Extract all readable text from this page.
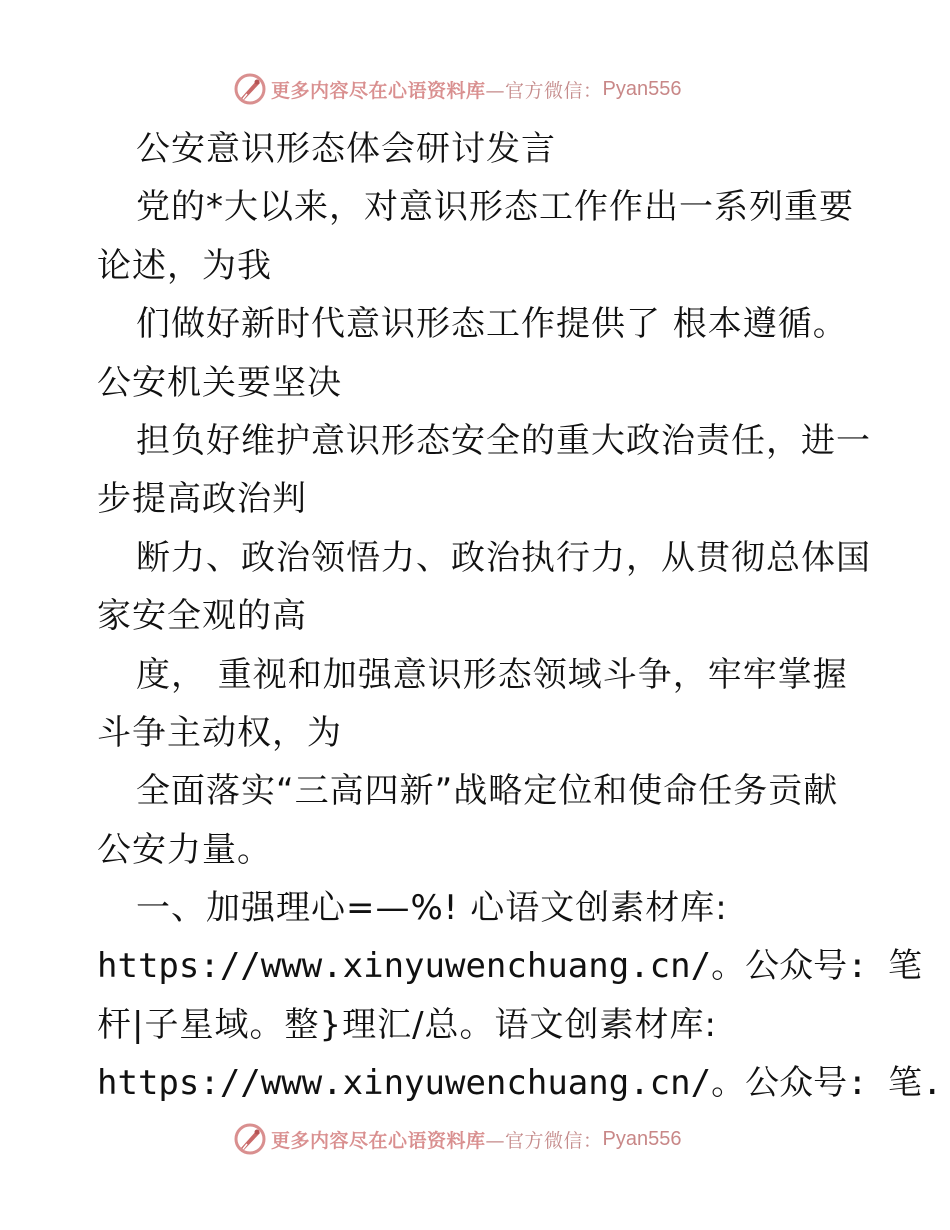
更多内容尽在心语资料库 —官方微信： Pyan556
公安意识形态体会研讨发言
党的*大以来，对意识形态工作作出一系列重要
论述，为我
们做好新时代意识形态工作提供了 根本遵循。
公安机关要坚决
担负好维护意识形态安全的重大政治责任，进一
步提高政治判
断力、政治领悟力、政治执行力，从贯彻总体国
家安全观的高
度， 重视和加强意识形态领域斗争，牢牢掌握
斗争主动权，为
全面落实“三高四新”战略定位和使命任务贡献
公安力量。
一、加强理心=—%! 心语文创素材库:
https://www.xinyuwenchuang.cn/。公众号: 笔
杆|子星域。整}理汇/总。语文创素材库:
https://www.xinyuwenchuang.cn/。公众号: 笔.
更多内容尽在心语资料库 —官方微信： Pyan556
